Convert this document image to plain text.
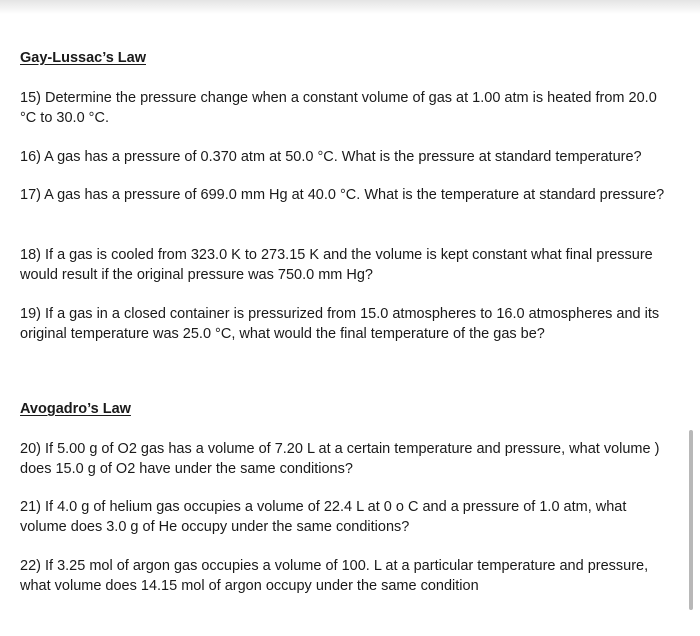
Gay-Lussac’s Law

15) Determine the pressure change when a constant volume of gas at 1.00 atm is heated from 20.0 °C to 30.0 °C.

16) A gas has a pressure of 0.370 atm at 50.0 °C. What is the pressure at standard temperature?

17) A gas has a pressure of 699.0 mm Hg at 40.0 °C. What is the temperature at standard pressure?

18) If a gas is cooled from 323.0 K to 273.15 K and the volume is kept constant what final pressure would result if the original pressure was 750.0 mm Hg?

19) If a gas in a closed container is pressurized from 15.0 atmospheres to 16.0 atmospheres and its original temperature was 25.0 °C, what would the final temperature of the gas be?

Avogadro’s Law

20) If 5.00 g of O2 gas has a volume of 7.20 L at a certain temperature and pressure, what volume ) does 15.0 g of O2 have under the same conditions?

21) If 4.0 g of helium gas occupies a volume of 22.4 L at 0 o C and a pressure of 1.0 atm, what volume does 3.0 g of He occupy under the same conditions?

22) If 3.25 mol of argon gas occupies a volume of 100. L at a particular temperature and pressure, what volume does 14.15 mol of argon occupy under the same condition
